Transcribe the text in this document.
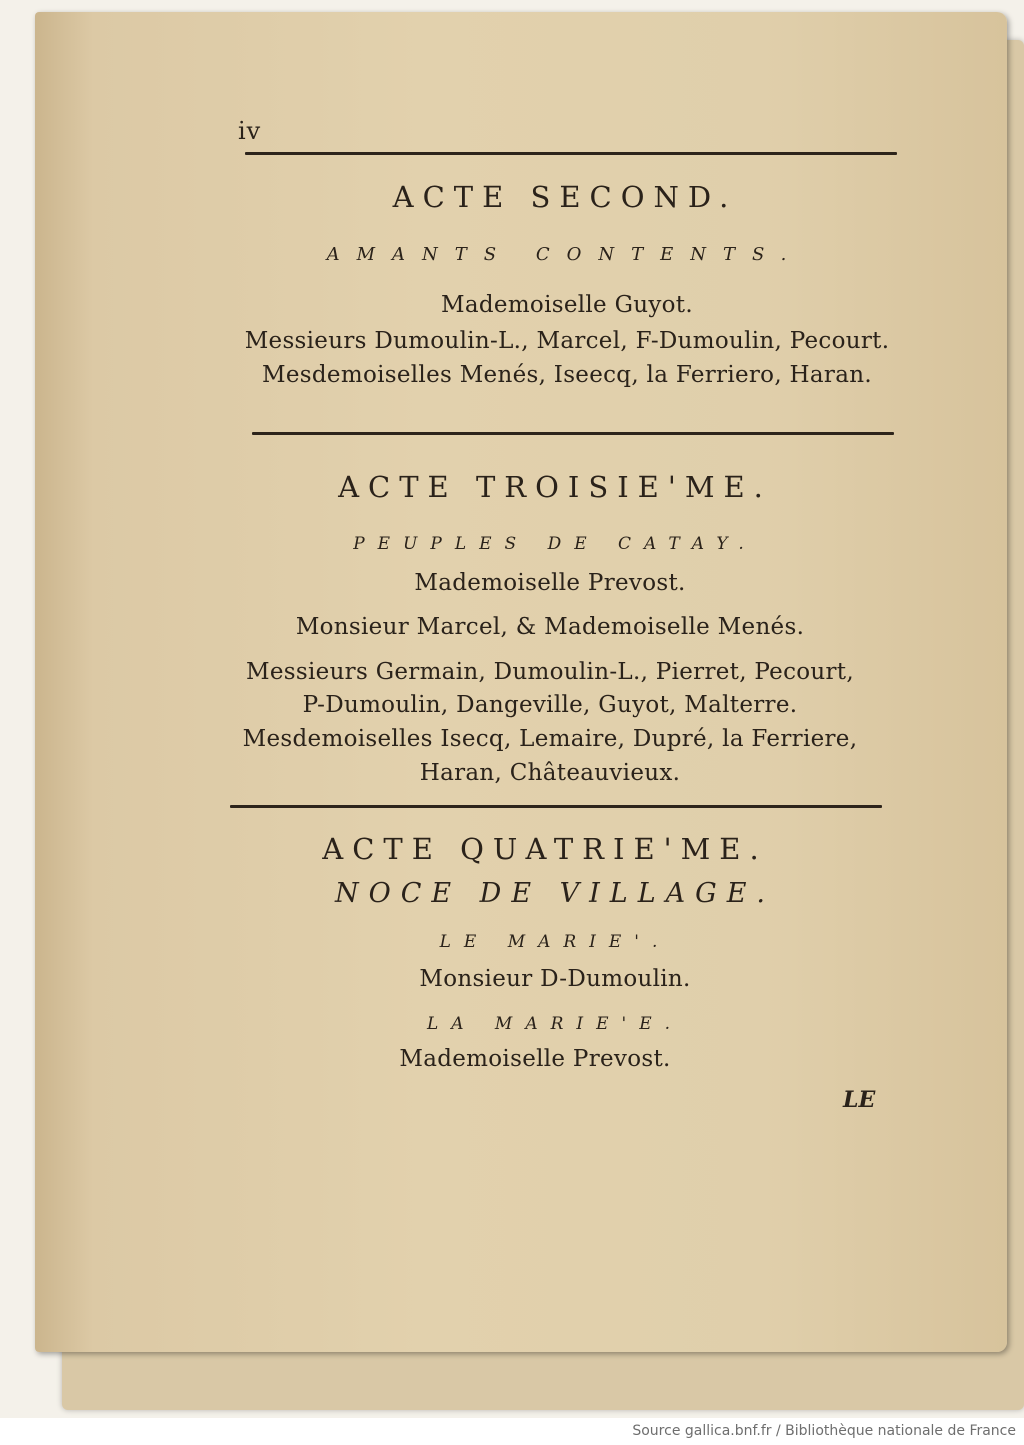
iv
ACTE SECOND.
AMANTS CONTENTS.
Mademoiselle Guyot.
Messieurs Dumoulin-L., Marcel, F-Dumoulin, Pecourt.
Mesdemoiselles Menés, Iseecq, la Ferriero, Haran.
ACTE TROISIE'ME.
PEUPLES DE CATAY.
Mademoiselle Prevost.
Monsieur Marcel, & Mademoiselle Menés.
Messieurs Germain, Dumoulin-L., Pierret, Pecourt,
P-Dumoulin, Dangeville, Guyot, Malterre.
Mesdemoiselles Isecq, Lemaire, Dupré, la Ferriere,
Haran, Châteauvieux.
ACTE QUATRIE'ME.
NOCE DE VILLAGE.
LE MARIE'.
Monsieur D-Dumoulin.
LA MARIE'E.
Mademoiselle Prevost.
LE
Source gallica.bnf.fr / Bibliothèque nationale de France
